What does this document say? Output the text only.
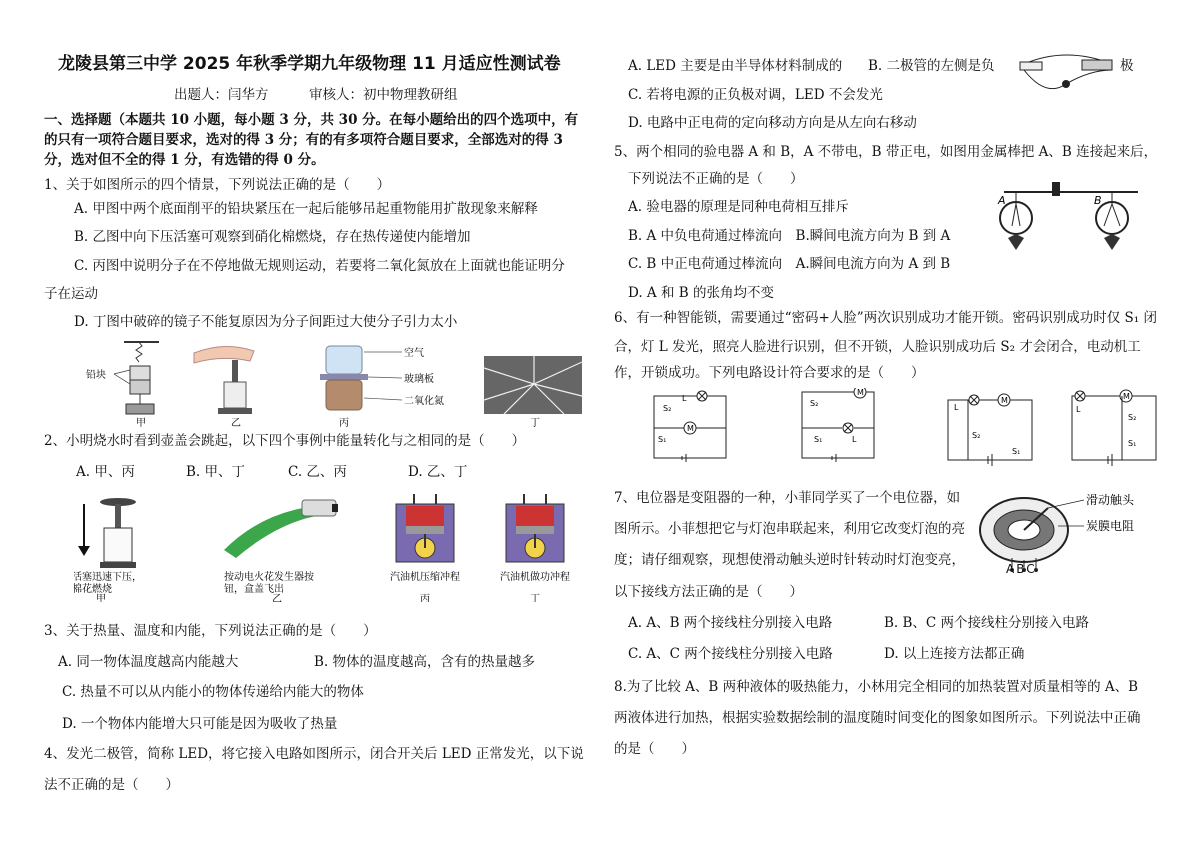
龙陵县第三中学 2025 年秋季学期九年级物理 11 月适应性测试卷
出题人：闫华方　　　审核人：初中物理教研组
一、选择题（本题共 10 小题，每小题 3 分，共 30 分。在每小题给出的四个选项中，有
的只有一项符合题目要求，选对的得 3 分；有的有多项符合题目要求，全部选对的得 3
分，选对但不全的得 1 分，有选错的得 0 分。
1、关于如图所示的四个情景，下列说法正确的是（　　）
A. 甲图中两个底面削平的铅块紧压在一起后能够吊起重物能用扩散现象来解释
B. 乙图中向下压活塞可观察到硝化棉燃烧，存在热传递使内能增加
C. 丙图中说明分子在不停地做无规则运动，若要将二氧化氮放在上面就也能证明分
子在运动
D. 丁图中破碎的镜子不能复原因为分子间距过大使分子引力太小
铅块
甲	乙
空气
玻璃板
二氧化氮
丙	丁
2、小明烧水时看到壶盖会跳起，以下四个事例中能量转化与之相同的是（　　）
A. 甲、丙	B. 甲、丁	C. 乙、丙	D. 乙、丁
活塞迅速下压，
棉花燃烧
甲
按动电火花发生器按
钮，盒盖飞出
乙
汽油机压缩冲程
丙
汽油机做功冲程
丁
3、关于热量、温度和内能，下列说法正确的是（　　）
A. 同一物体温度越高内能越大	B. 物体的温度越高，含有的热量越多
C. 热量不可以从内能小的物体传递给内能大的物体
D. 一个物体内能增大只可能是因为吸收了热量
4、发光二极管，简称 LED，将它接入电路如图所示，闭合开关后 LED 正常发光，以下说
法不正确的是（　　）
A. LED 主要是由半导体材料制成的 B. 二极管的左侧是负	极
C. 若将电源的正负极对调，LED 不会发光
D. 电路中正电荷的定向移动方向是从左向右移动
5、两个相同的验电器 A 和 B，A 不带电，B 带正电，如图用金属棒把 A、B 连接起来后，
下列说法不正确的是（　　）
A. 验电器的原理是同种电荷相互排斥
B. A 中负电荷通过棒流向　B.瞬间电流方向为 B 到 A
C. B 中正电荷通过棒流向　A.瞬间电流方向为 A 到 B
D. A 和 B 的张角均不变
A	B
6、有一种智能锁，需要通过“密码+人脸”两次识别成功才能开锁。密码识别成功时仅 S₁ 闭
合，灯 L 发光，照亮人脸进行识别，但不开锁，人脸识别成功后 S₂ 才会闭合，电动机工
作，开锁成功。下列电路设计符合要求的是（　　）
S₂
L
M
S₁
S₂
M
S₁	L
L
M
S₂
S₁
L
M
S₂
S₁
7、电位器是变阻器的一种，小菲同学买了一个电位器，如
图所示。小菲想把它与灯泡串联起来，利用它改变灯泡的亮
度；请仔细观察，现想使滑动触头逆时针转动时灯泡变亮，
以下接线方法正确的是（　　）
滑动触头
炭膜电阻
ABC
A. A、B 两个接线柱分别接入电路	B. B、C 两个接线柱分别接入电路
C. A、C 两个接线柱分别接入电路	D. 以上连接方法都正确
8.为了比较 A、B 两种液体的吸热能力，小林用完全相同的加热装置对质量相等的 A、B
两液体进行加热，根据实验数据绘制的温度随时间变化的图象如图所示。下列说法中正确
的是（　　）
